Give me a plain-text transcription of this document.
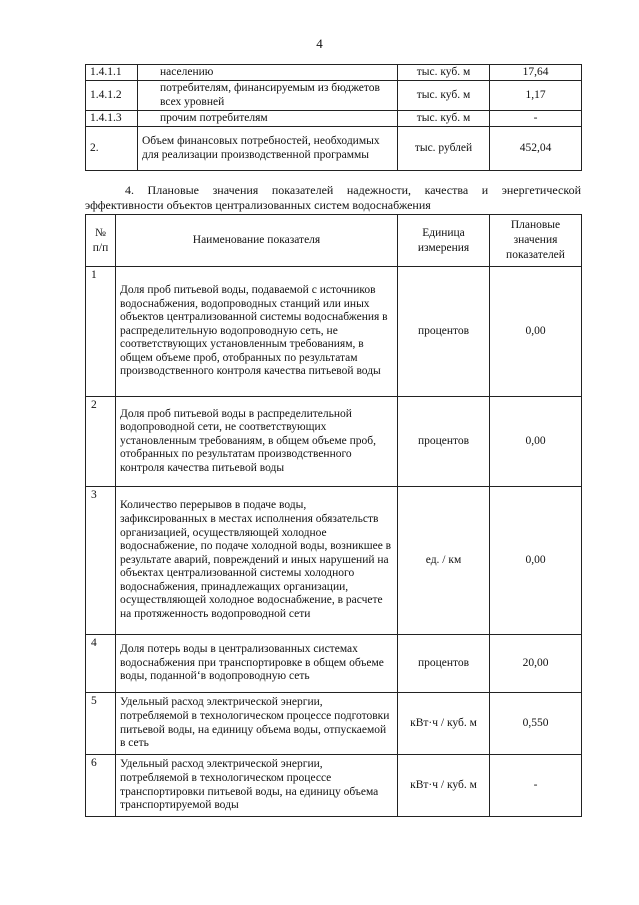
4
1.4.1.1	населению	тыс. куб. м	17,64
1.4.1.2	потребителям, финансируемым из бюджетов всех уровней	тыс. куб. м	1,17
1.4.1.3	прочим потребителям	тыс. куб. м	-
2.	Объем финансовых потребностей, необходимых для реализации производственной программы	тыс. рублей	452,04
4. Плановые значения показателей надежности, качества и энергетической
эффективности объектов централизованных систем водоснабжения
№ п/п	Наименование показателя	Единица измерения	Плановые значения показателей
1	Доля проб питьевой воды, подаваемой с источников водоснабжения, водопроводных станций или иных объектов централизованной системы водоснабжения в распределительную водопроводную сеть, не соответствующих установленным требованиям, в общем объеме проб, отобранных по результатам производственного контроля качества питьевой воды	процентов	0,00
2	Доля проб питьевой воды в распределительной водопроводной сети, не соответствующих установленным требованиям, в общем объеме проб, отобранных по результатам производственного контроля качества питьевой воды	процентов	0,00
3	Количество перерывов в подаче воды, зафиксированных в местах исполнения обязательств организацией, осуществляющей холодное водоснабжение, по подаче холодной воды, возникшее в результате аварий, повреждений и иных нарушений на объектах централизованной системы холодного водоснабжения, принадлежащих организации, осуществляющей холодное водоснабжение, в расчете на протяженность водопроводной сети	ед. / км	0,00
4	Доля потерь воды в централизованных системах водоснабжения при транспортировке в общем объеме воды, поданной‘в водопроводную сеть	процентов	20,00
5	Удельный расход электрической энергии, потребляемой в технологическом процессе подготовки питьевой воды, на единицу объема воды, отпускаемой в сеть	кВт·ч / куб. м	0,550
6	Удельный расход электрической энергии, потребляемой в технологическом процессе транспортировки питьевой воды, на единицу объема транспортируемой воды	кВт·ч / куб. м	-
